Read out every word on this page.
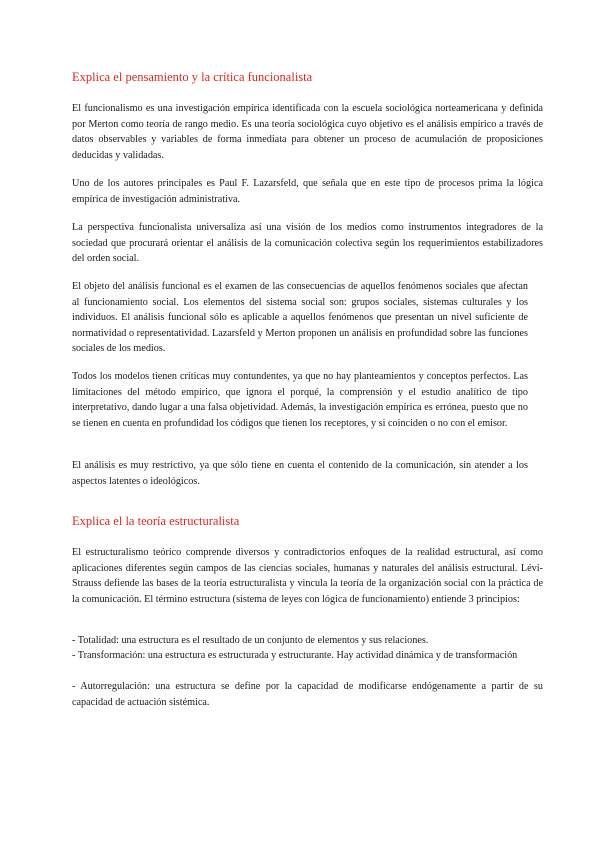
Explica el pensamiento y la crítica funcionalista

El funcionalismo es una investigación empírica identificada con la escuela sociológica norteamericana y definida por Merton como teoría de rango medio. Es una teoría sociológica cuyo objetivo es el análisis empírico a través de datos observables y variables de forma inmediata para obtener un proceso de acumulación de proposiciones deducidas y validadas.

Uno de los autores principales es Paul F. Lazarsfeld, que señala que en este tipo de procesos prima la lógica empírica de investigación administrativa.

La perspectiva funcionalista universaliza así una visión de los medios como instrumentos integradores de la sociedad que procurará orientar el análisis de la comunicación colectiva según los requerimientos estabilizadores del orden social.

El objeto del análisis funcional es el examen de las consecuencias de aquellos fenómenos sociales que afectan al funcionamiento social. Los elementos del sistema social son: grupos sociales, sistemas culturales y los individuos. El análisis funcional sólo es aplicable a aquellos fenómenos que presentan un nivel suficiente de normatividad o representatividad. Lazarsfeld y Merton proponen un análisis en profundidad sobre las funciones sociales de los medios.

Todos los modelos tienen críticas muy contundentes, ya que no hay planteamientos y conceptos perfectos. Las limitaciones del método empírico, que ignora el porqué, la comprensión y el estudio analítico de tipo interpretativo, dando lugar a una falsa objetividad. Además, la investigación empírica es errónea, puesto que no se tienen en cuenta en profundidad los códigos que tienen los receptores, y si coinciden o no con el emisor.

El análisis es muy restrictivo, ya que sólo tiene en cuenta el contenido de la comunicación, sin atender a los aspectos latentes o ideológicos.

Explica el la teoría estructuralista

El estructuralismo teórico comprende diversos y contradictorios enfoques de la realidad estructural, así como aplicaciones diferentes según campos de las ciencias sociales, humanas y naturales del análisis estructural. Lévi-Strauss defiende las bases de la teoría estructuralista y vincula la teoría de la organización social con la práctica de la comunicación. El término estructura (sistema de leyes con lógica de funcionamiento) entiende 3 principios:

- Totalidad: una estructura es el resultado de un conjunto de elementos y sus relaciones.

- Transformación: una estructura es estructurada y estructurante. Hay actividad dinámica y de transformación

- Autorregulación: una estructura se define por la capacidad de modificarse endógenamente a partir de su capacidad de actuación sistémica.
